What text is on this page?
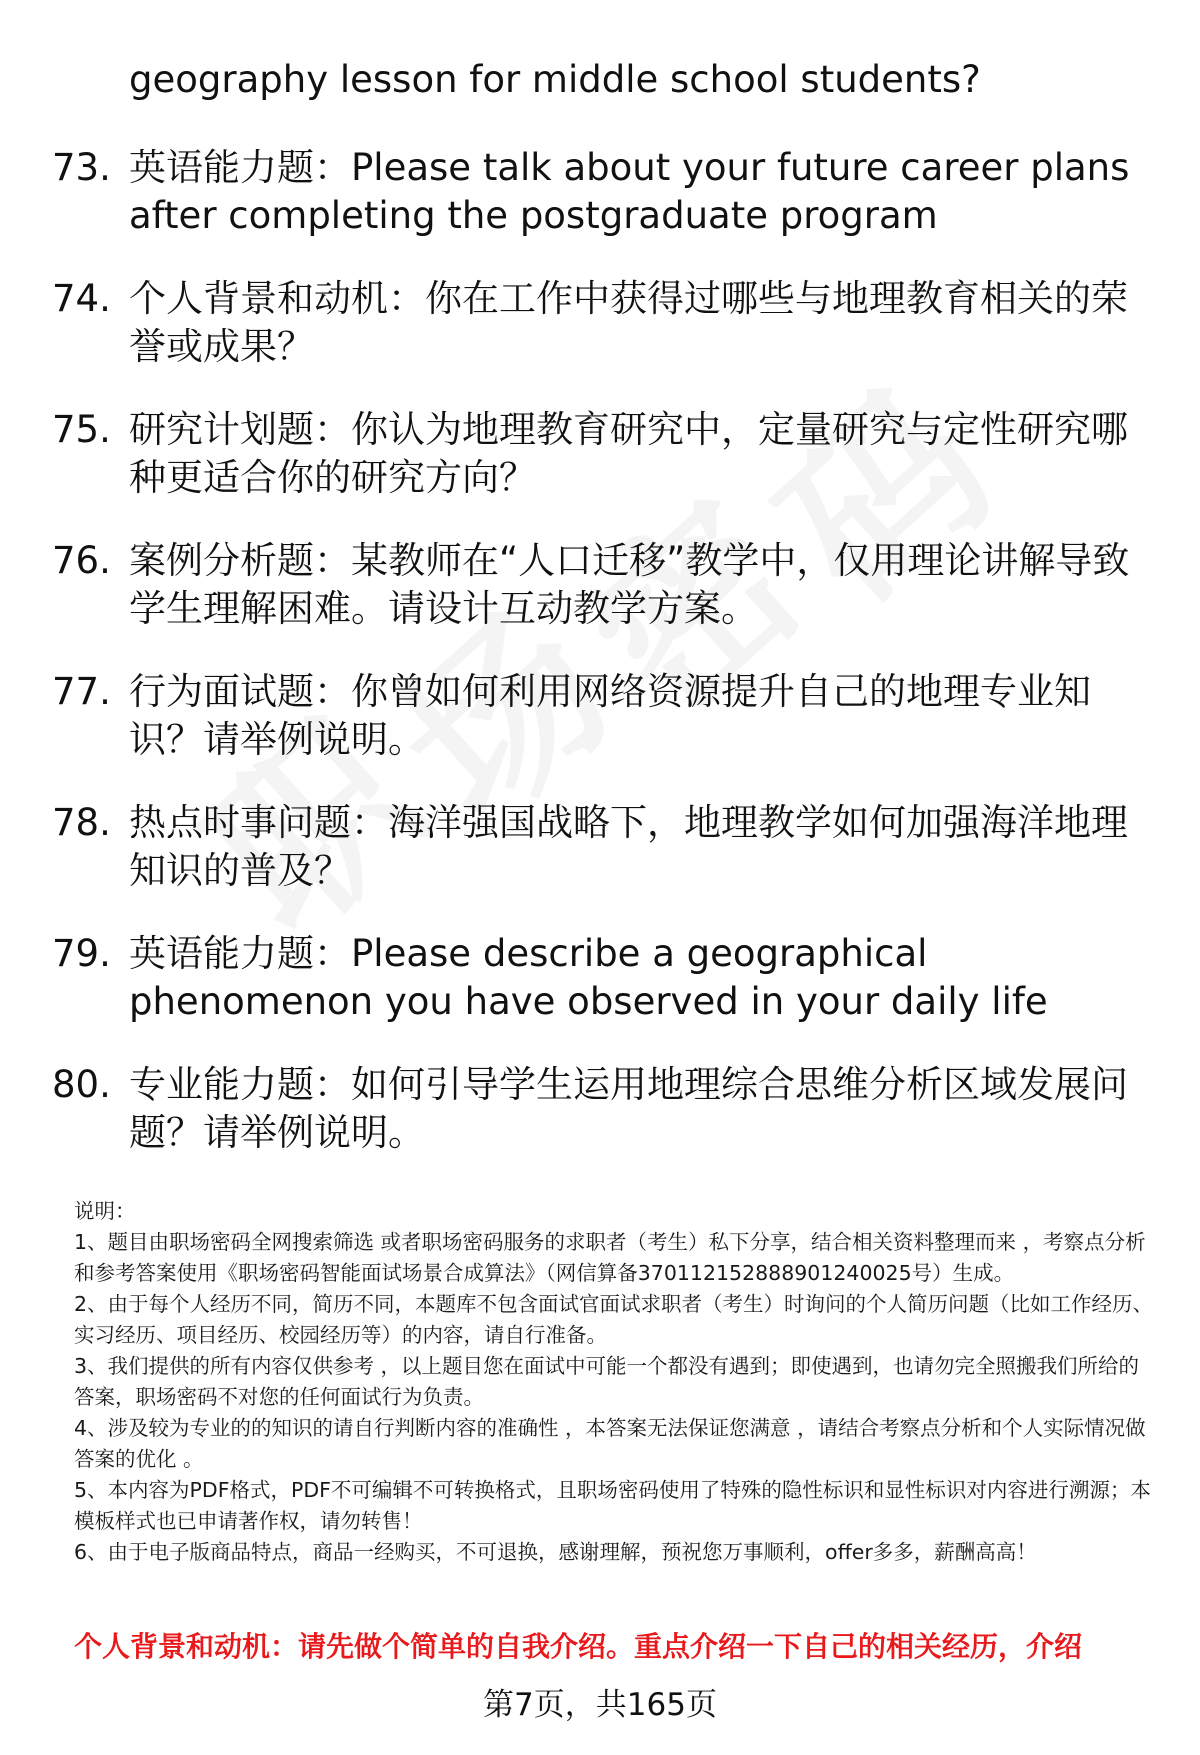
geography lesson for middle school students?
73. 英语能力题：Please talk about your future career plans after completing the postgraduate program
74. 个人背景和动机：你在工作中获得过哪些与地理教育相关的荣誉或成果？
75. 研究计划题：你认为地理教育研究中，定量研究与定性研究哪种更适合你的研究方向？
76. 案例分析题：某教师在“人口迁移”教学中，仅用理论讲解导致学生理解困难。请设计互动教学方案。
77. 行为面试题：你曾如何利用网络资源提升自己的地理专业知识？请举例说明。
78. 热点时事问题：海洋强国战略下，地理教学如何加强海洋地理知识的普及？
79. 英语能力题：Please describe a geographical phenomenon you have observed in your daily life
80. 专业能力题：如何引导学生运用地理综合思维分析区域发展问题？请举例说明。

说明：

1、题目由职场密码全网搜索筛选 或者职场密码服务的求职者（考生）私下分享，结合相关资料整理而来 ，考察点分析和参考答案使用《职场密码智能面试场景合成算法》（网信算备370112152888901240025号）生成。

2、由于每个人经历不同，简历不同，本题库不包含面试官面试求职者（考生）时询问的个人简历问题（比如工作经历、实习经历、项目经历、校园经历等）的内容，请自行准备。

3、我们提供的所有内容仅供参考 ，以上题目您在面试中可能一个都没有遇到；即使遇到，也请勿完全照搬我们所给的答案，职场密码不对您的任何面试行为负责。

4、涉及较为专业的的知识的请自行判断内容的准确性 ，本答案无法保证您满意 ，请结合考察点分析和个人实际情况做答案的优化 。

5、本内容为PDF格式，PDF不可编辑不可转换格式，且职场密码使用了特殊的隐性标识和显性标识对内容进行溯源；本模板样式也已申请著作权，请勿转售！

6、由于电子版商品特点，商品一经购买，不可退换，感谢理解，预祝您万事顺利，offer多多，薪酬高高！

个人背景和动机：请先做个简单的自我介绍。重点介绍一下自己的相关经历，介绍
第7页，共165页
